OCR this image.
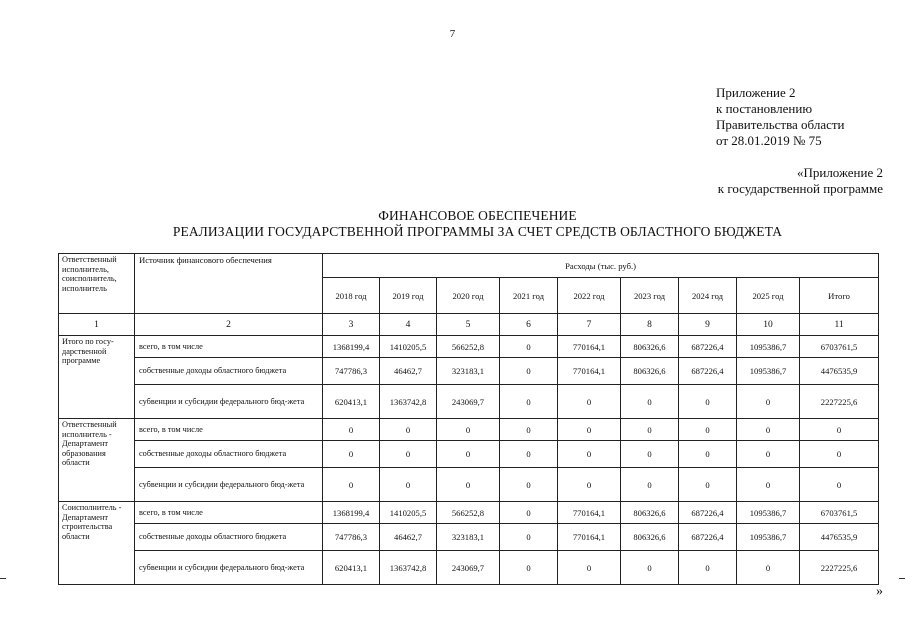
7
Приложение 2
к постановлению
Правительства области
от 28.01.2019 № 75
«Приложение 2
к государственной программе
ФИНАНСОВОЕ ОБЕСПЕЧЕНИЕ
РЕАЛИЗАЦИИ ГОСУДАРСТВЕННОЙ ПРОГРАММЫ ЗА СЧЕТ СРЕДСТВ ОБЛАСТНОГО БЮДЖЕТА
Ответственный исполнитель, соисполнитель, исполнитель	Источник финансового обеспечения	Расходы (тыс. руб.)								
		2018 год	2019 год	2020 год	2021 год	2022 год	2023 год	2024 год	2025 год	Итого
1	2	3	4	5	6	7	8	9	10	11
Итого по госу-дарственной программе	всего, в том числе	1368199,4	1410205,5	566252,8	0	770164,1	806326,6	687226,4	1095386,7	6703761,5
	собственные доходы областного бюджета	747786,3	46462,7	323183,1	0	770164,1	806326,6	687226,4	1095386,7	4476535,9
	субвенции и субсидии федерального бюд-жета	620413,1	1363742,8	243069,7	0	0	0	0	0	2227225,6
Ответственный исполнитель - Департамент образования области	всего, в том числе	0	0	0	0	0	0	0	0	0
	собственные доходы областного бюджета	0	0	0	0	0	0	0	0	0
	субвенции и субсидии федерального бюд-жета	0	0	0	0	0	0	0	0	0
Соисполнитель - Департамент строительства области	всего, в том числе	1368199,4	1410205,5	566252,8	0	770164,1	806326,6	687226,4	1095386,7	6703761,5
	собственные доходы областного бюджета	747786,3	46462,7	323183,1	0	770164,1	806326,6	687226,4	1095386,7	4476535,9
	субвенции и субсидии федерального бюд-жета	620413,1	1363742,8	243069,7	0	0	0	0	0	2227225,6
»
